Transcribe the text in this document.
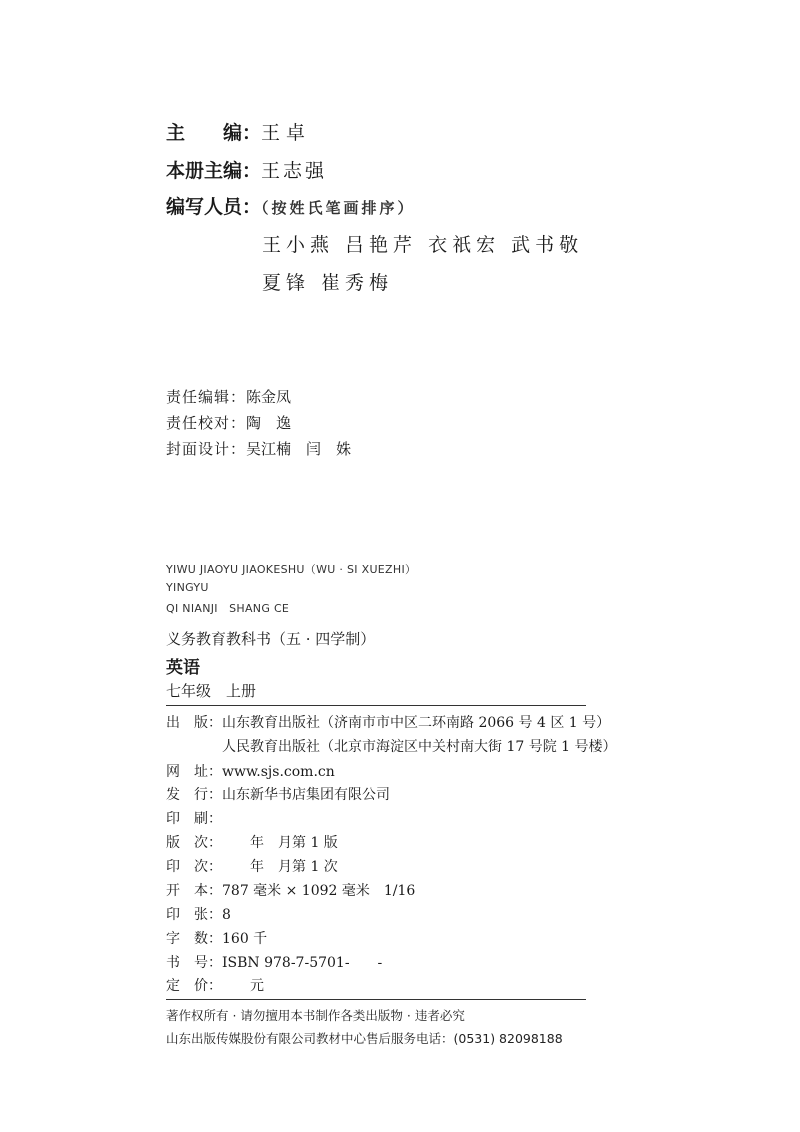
主　　编：王卓
本册主编：王志强
编写人员：（按姓氏笔画排序）
王小燕 吕艳芹 衣祇宏 武书敬
夏锋 崔秀梅
责任编辑：陈金凤
责任校对：陶　逸
封面设计：吴江楠　闫　姝
YIWU JIAOYU JIAOKESHU（WU · SI XUEZHI）
YINGYU
QI NIANJI　SHANG CE
义务教育教科书（五 · 四学制）
英语
七年级　上册
出　版：山东教育出版社（济南市市中区二环南路 2066 号 4 区 1 号）
人民教育出版社（北京市海淀区中关村南大街 17 号院 1 号楼）
网　址：www.sjs.com.cn
发　行：山东新华书店集团有限公司
印　刷：
版　次：　　年　月第 1 版
印　次：　　年　月第 1 次
开　本：787 毫米 × 1092 毫米　1/16
印　张：8
字　数：160 千
书　号：ISBN 978-7-5701-　　-
定　价：　　元
著作权所有 · 请勿擅用本书制作各类出版物 · 违者必究
山东出版传媒股份有限公司教材中心售后服务电话：(0531) 82098188
